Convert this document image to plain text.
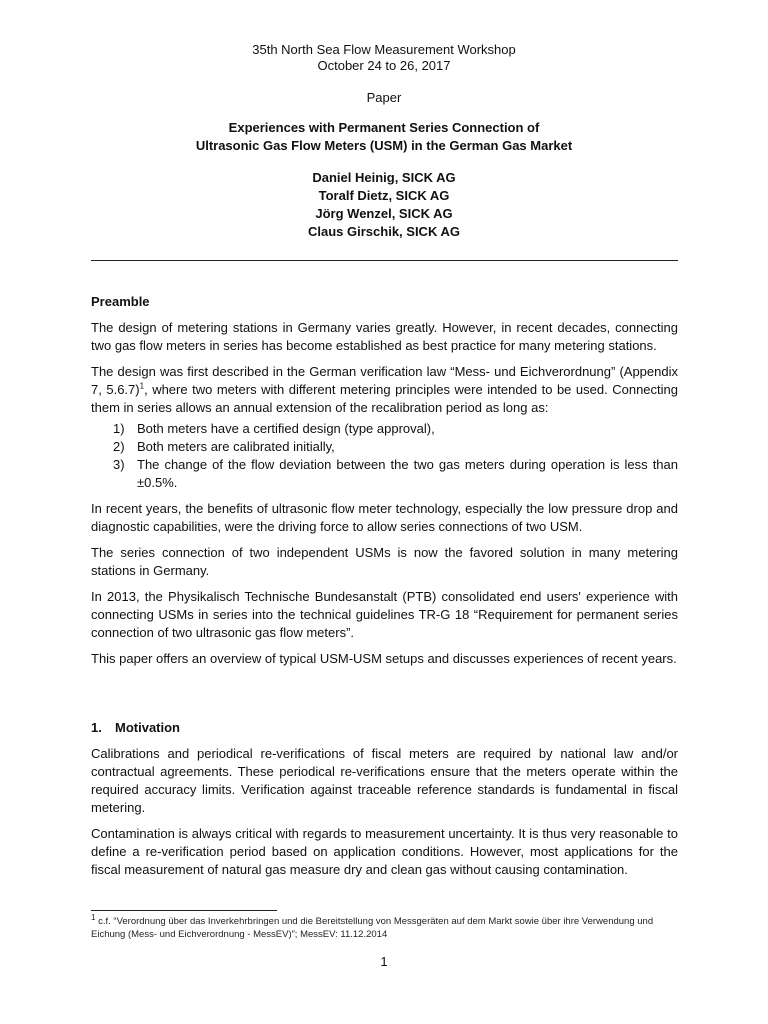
35th North Sea Flow Measurement Workshop
October 24 to 26, 2017
Paper
Experiences with Permanent Series Connection of
Ultrasonic Gas Flow Meters (USM) in the German Gas Market
Daniel Heinig, SICK AG
Toralf Dietz, SICK AG
Jörg Wenzel, SICK AG
Claus Girschik, SICK AG
Preamble

The design of metering stations in Germany varies greatly. However, in recent decades, connecting two gas flow meters in series has become established as best practice for many metering stations.

The design was first described in the German verification law “Mess- und Eichverordnung” (Appendix 7, 5.6.7)$^1$, where two meters with different metering principles were intended to be used. Connecting them in series allows an annual extension of the recalibration period as long as:

1) Both meters have a certified design (type approval),
2) Both meters are calibrated initially,
3) The change of the flow deviation between the two gas meters during operation is less than ±0.5%.

In recent years, the benefits of ultrasonic flow meter technology, especially the low pressure drop and diagnostic capabilities, were the driving force to allow series connections of two USM.

The series connection of two independent USMs is now the favored solution in many metering stations in Germany.

In 2013, the Physikalisch Technische Bundesanstalt (PTB) consolidated end users' experience with connecting USMs in series into the technical guidelines TR-G 18 “Requirement for permanent series connection of two ultrasonic gas flow meters”.

This paper offers an overview of typical USM-USM setups and discusses experiences of recent years.

1. Motivation

Calibrations and periodical re-verifications of fiscal meters are required by national law and/or contractual agreements. These periodical re-verifications ensure that the meters operate within the required accuracy limits. Verification against traceable reference standards is fundamental in fiscal metering.

Contamination is always critical with regards to measurement uncertainty. It is thus very reasonable to define a re-verification period based on application conditions. However, most applications for the fiscal measurement of natural gas measure dry and clean gas without causing contamination.

$^1$ c.f. “Verordnung über das Inverkehrbringen und die Bereitstellung von Messgeräten auf dem Markt sowie über ihre Verwendung und Eichung (Mess- und Eichverordnung - MessEV)”; MessEV: 11.12.2014
1
